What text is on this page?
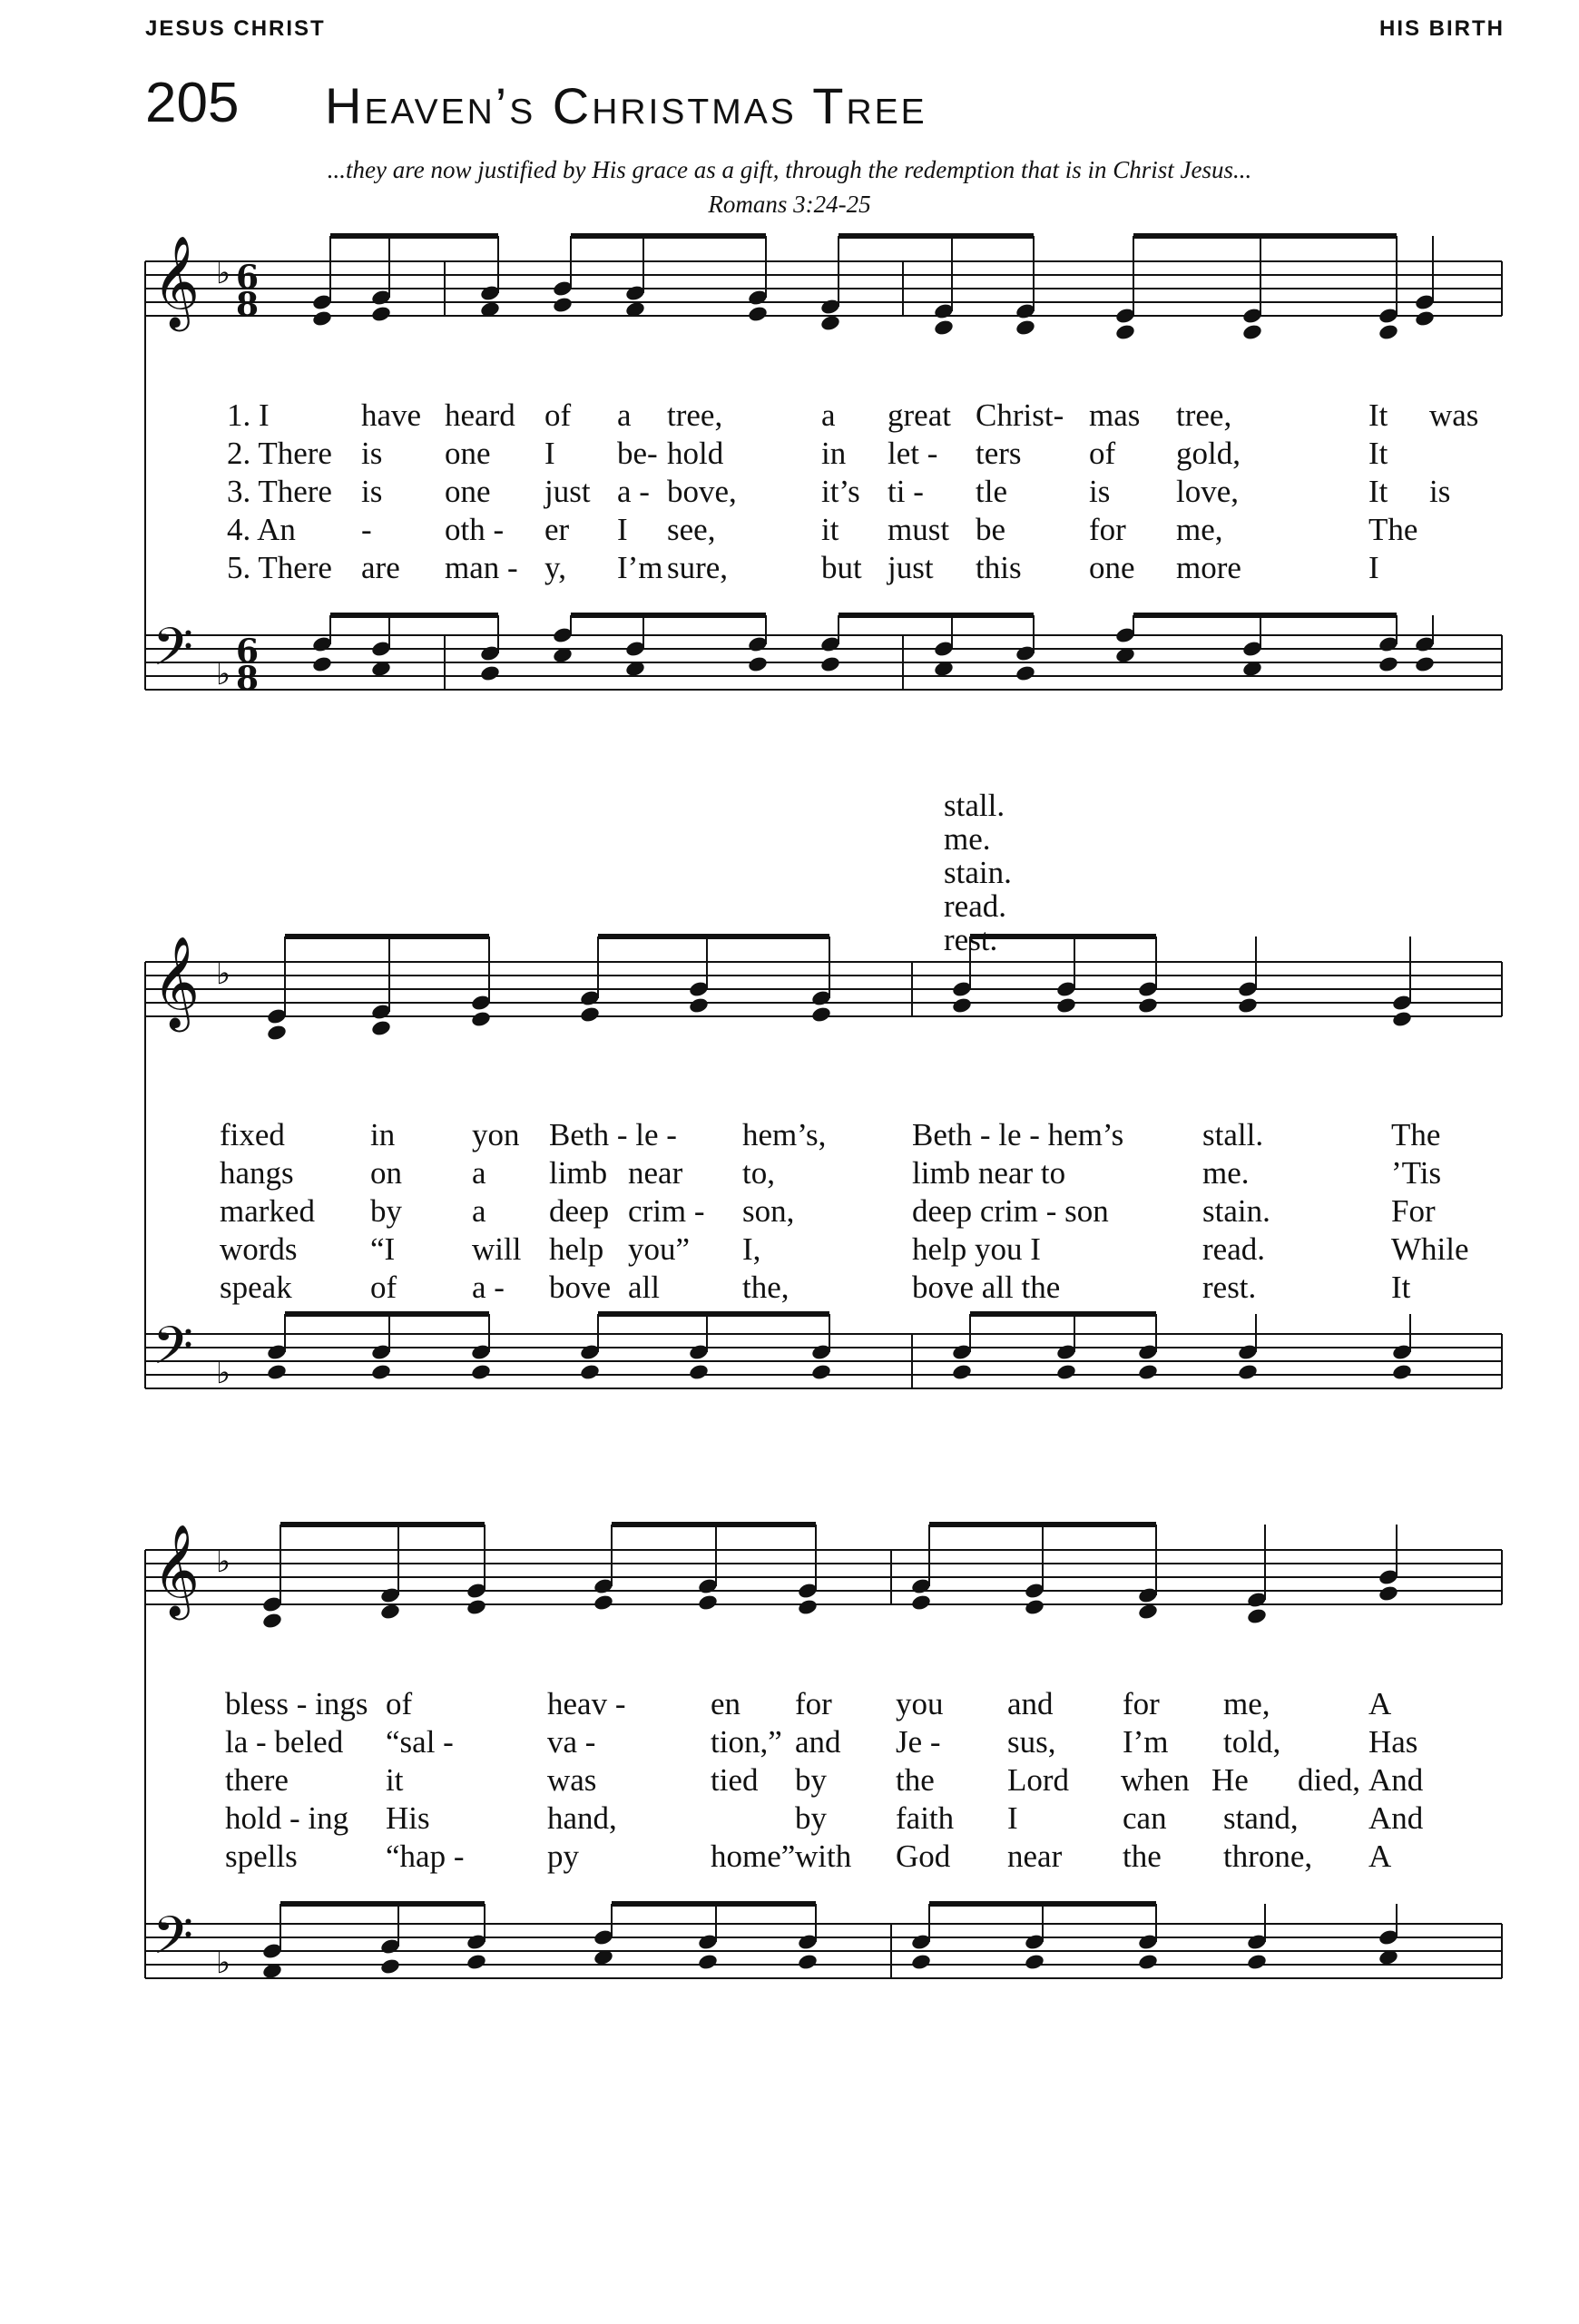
JESUS CHRIST	HIS BIRTH
205 Heaven’s Christmas Tree
...they are now justified by His grace as a gift, through the redemption that is in Christ Jesus...
Romans 3:24-25
𝄞
𝄢
♭
♭
6
8
6
8
𝄞
𝄢
♭
♭
𝄞
𝄢
♭
♭
1. I	have heard of a tree,	a great Christ- mas tree,	It was
2. There is one I be- hold	in let - ters of gold,	It
3. There is one just a - bove,	it’s ti - tle	is love,	It is
4. An - oth - er I see,	it must be	for me,	The
5. There are man - y, I’m sure,	but just this one more	I
stall.
me.
stain.
read.
rest.
fixed	in yon Beth - le - hem’s,	Beth - le - hem’s stall.	The
hangs on a limb near to,	limb near to	me.	’Tis
marked by a deep crim - son,	deep crim - son	stain.	For
words “I will help you” I,	help you I	read.	While
speak of a - bove all	the,	bove all the	rest.	It
bless - ings of	heav -	en for you and for me,	A
la - beled “sal -	va -	tion,” and Je - sus, I’m told,	Has
there	it	was	tied by the Lord when He died, And
hold - ing His	hand,	by faith I	can stand, And
spells	“hap -	py	home” with God near the throne, A
